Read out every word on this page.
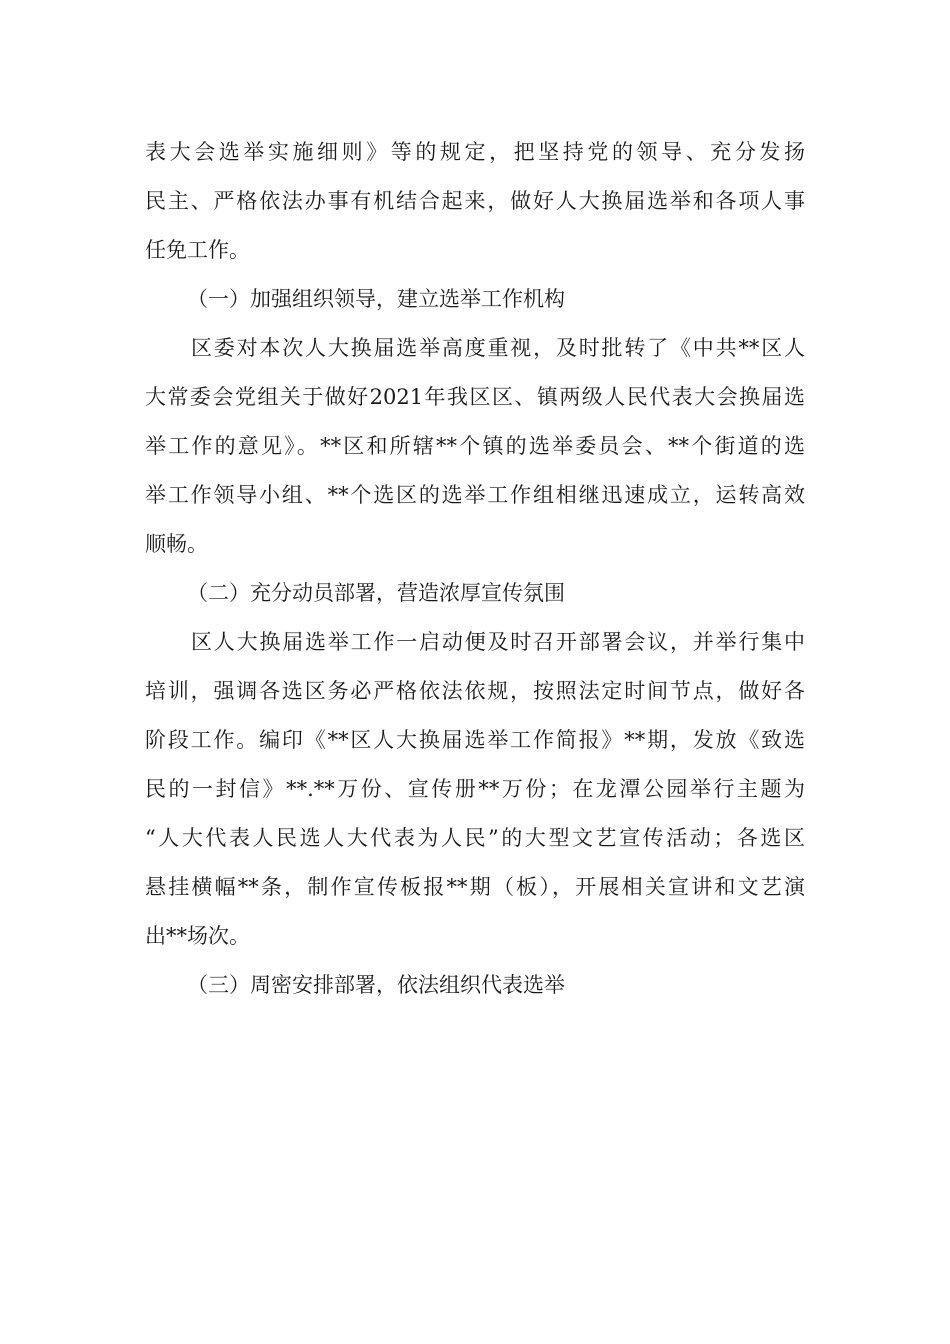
表大会选举实施细则》等的规定，把坚持党的领导、充分发扬
民主、严格依法办事有机结合起来，做好人大换届选举和各项人事
任免工作。
（一）加强组织领导，建立选举工作机构
区委对本次人大换届选举高度重视，及时批转了《中共**区人
大常委会党组关于做好2021年我区区、镇两级人民代表大会换届选
举工作的意见》。**区和所辖**个镇的选举委员会、**个街道的选
举工作领导小组、**个选区的选举工作组相继迅速成立，运转高效
顺畅。
（二）充分动员部署，营造浓厚宣传氛围
区人大换届选举工作一启动便及时召开部署会议，并举行集中
培训，强调各选区务必严格依法依规，按照法定时间节点，做好各
阶段工作。编印《**区人大换届选举工作简报》**期，发放《致选
民的一封信》**.**万份、宣传册**万份；在龙潭公园举行主题为
“人大代表人民选人大代表为人民”的大型文艺宣传活动；各选区
悬挂横幅**条，制作宣传板报**期（板），开展相关宣讲和文艺演
出**场次。
（三）周密安排部署，依法组织代表选举
